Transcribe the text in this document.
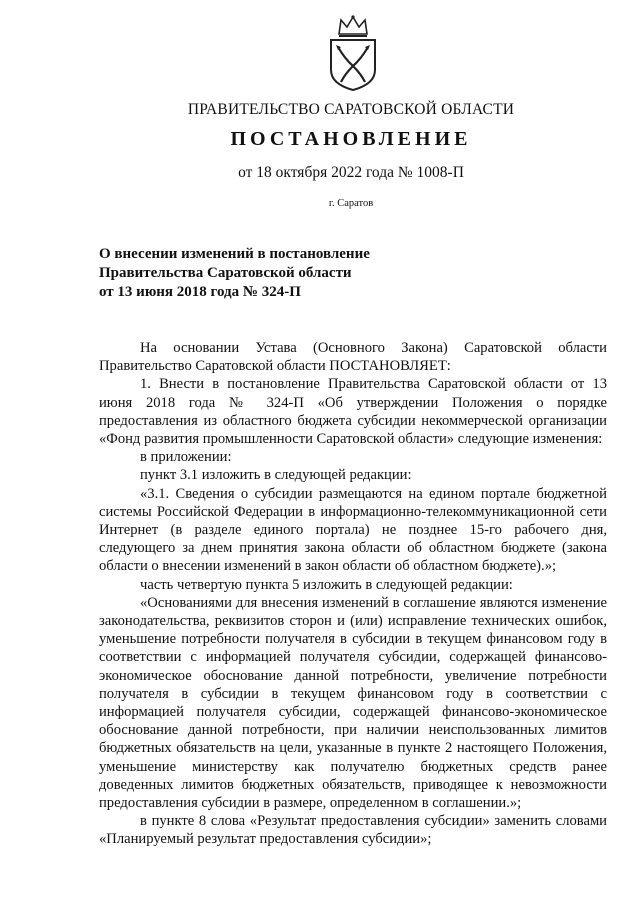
ПРАВИТЕЛЬСТВО САРАТОВСКОЙ ОБЛАСТИ
ПОСТАНОВЛЕНИЕ
от 18 октября 2022 года № 1008-П
г. Саратов
О внесении изменений в постановление
Правительства Саратовской области
от 13 июня 2018 года № 324-П

На основании Устава (Основного Закона) Саратовской области Правительство Саратовской области ПОСТАНОВЛЯЕТ:

1. Внести в постановление Правительства Саратовской области от 13 июня 2018 года № 324-П «Об утверждении Положения о порядке предоставления из областного бюджета субсидии некоммерческой организации «Фонд развития промышленности Саратовской области» следующие изменения:

в приложении:

пункт 3.1 изложить в следующей редакции:

«3.1. Сведения о субсидии размещаются на едином портале бюджетной системы Российской Федерации в информационно-телекоммуникационной сети Интернет (в разделе единого портала) не позднее 15-го рабочего дня, следующего за днем принятия закона области об областном бюджете (закона области о внесении изменений в закон области об областном бюджете).»;

часть четвертую пункта 5 изложить в следующей редакции:

«Основаниями для внесения изменений в соглашение являются изменение законодательства, реквизитов сторон и (или) исправление технических ошибок, уменьшение потребности получателя в субсидии в текущем финансовом году в соответствии с информацией получателя субсидии, содержащей финансово-экономическое обоснование данной потребности, увеличение потребности получателя в субсидии в текущем финансовом году в соответствии с информацией получателя субсидии, содержащей финансово-экономическое обоснование данной потребности, при наличии неиспользованных лимитов бюджетных обязательств на цели, указанные в пункте 2 настоящего Положения, уменьшение министерству как получателю бюджетных средств ранее доведенных лимитов бюджетных обязательств, приводящее к невозможности предоставления субсидии в размере, определенном в соглашении.»;

в пункте 8 слова «Результат предоставления субсидии» заменить словами «Планируемый результат предоставления субсидии»;
